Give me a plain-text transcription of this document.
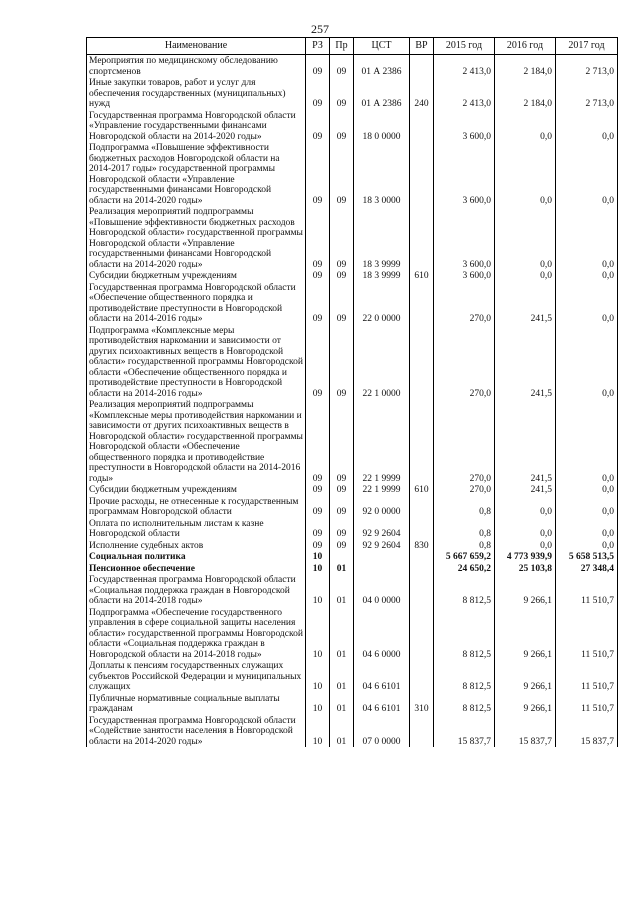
257
Наименование	РЗ	Пр	ЦСТ	ВР	2015 год	2016 год	2017 год
Мероприятия по медицинскому обследованию спортсменов	09	09	01 А 2386		2 413,0	2 184,0	2 713,0
Иные закупки товаров, работ и услуг для обеспечения государственных (муниципальных) нужд	09	09	01 А 2386	240	2 413,0	2 184,0	2 713,0
Государственная программа Новгородской области «Управление государственными финансами Новгородской области на 2014-2020 годы»	09	09	18 0 0000		3 600,0	0,0	0,0
Подпрограмма «Повышение эффективности бюджетных расходов Новгородской области на 2014-2017 годы» государственной программы Новгородской области «Управление государственными финансами Новгородской области на 2014-2020 годы»	09	09	18 3 0000		3 600,0	0,0	0,0
Реализация мероприятий подпрограммы «Повышение эффективности бюджетных расходов Новгородской области» государственной программы Новгородской области «Управление государственными финансами Новгородской области на 2014-2020 годы»	09	09	18 3 9999		3 600,0	0,0	0,0
Субсидии бюджетным учреждениям	09	09	18 3 9999	610	3 600,0	0,0	0,0
Государственная программа Новгородской области «Обеспечение общественного порядка и противодействие преступности в Новгородской области на 2014-2016 годы»	09	09	22 0 0000		270,0	241,5	0,0
Подпрограмма «Комплексные меры противодействия наркомании и зависимости от других психоактивных веществ в Новгородской области» государственной программы Новгородской области «Обеспечение общественного порядка и противодействие преступности в Новгородской области на 2014-2016 годы»	09	09	22 1 0000		270,0	241,5	0,0
Реализация мероприятий подпрограммы «Комплексные меры противодействия наркомании и зависимости от других психоактивных веществ в Новгородской области» государственной программы Новгородской области «Обеспечение общественного порядка и противодействие преступности в Новгородской области на 2014-2016 годы»	09	09	22 1 9999		270,0	241,5	0,0
Субсидии бюджетным учреждениям	09	09	22 1 9999	610	270,0	241,5	0,0
Прочие расходы, не отнесенные к государственным программам Новгородской области	09	09	92 0 0000		0,8	0,0	0,0
Оплата по исполнительным листам к казне Новгородской области	09	09	92 9 2604		0,8	0,0	0,0
Исполнение судебных актов	09	09	92 9 2604	830	0,8	0,0	0,0
Социальная политика	10				5 667 659,2	4 773 939,9	5 658 513,5
Пенсионное обеспечение	10	01			24 650,2	25 103,8	27 348,4
Государственная программа Новгородской области «Социальная поддержка граждан в Новгородской области на 2014-2018 годы»	10	01	04 0 0000		8 812,5	9 266,1	11 510,7
Подпрограмма «Обеспечение государственного управления в сфере социальной защиты населения области» государственной программы Новгородской области «Социальная поддержка граждан в Новгородской области на 2014-2018 годы»	10	01	04 6 0000		8 812,5	9 266,1	11 510,7
Доплаты к пенсиям государственных служащих субъектов Российской Федерации и муниципальных служащих	10	01	04 6 6101		8 812,5	9 266,1	11 510,7
Публичные нормативные социальные выплаты гражданам	10	01	04 6 6101	310	8 812,5	9 266,1	11 510,7
Государственная программа Новгородской области «Содействие занятости населения в Новгородской области на 2014-2020 годы»	10	01	07 0 0000		15 837,7	15 837,7	15 837,7
